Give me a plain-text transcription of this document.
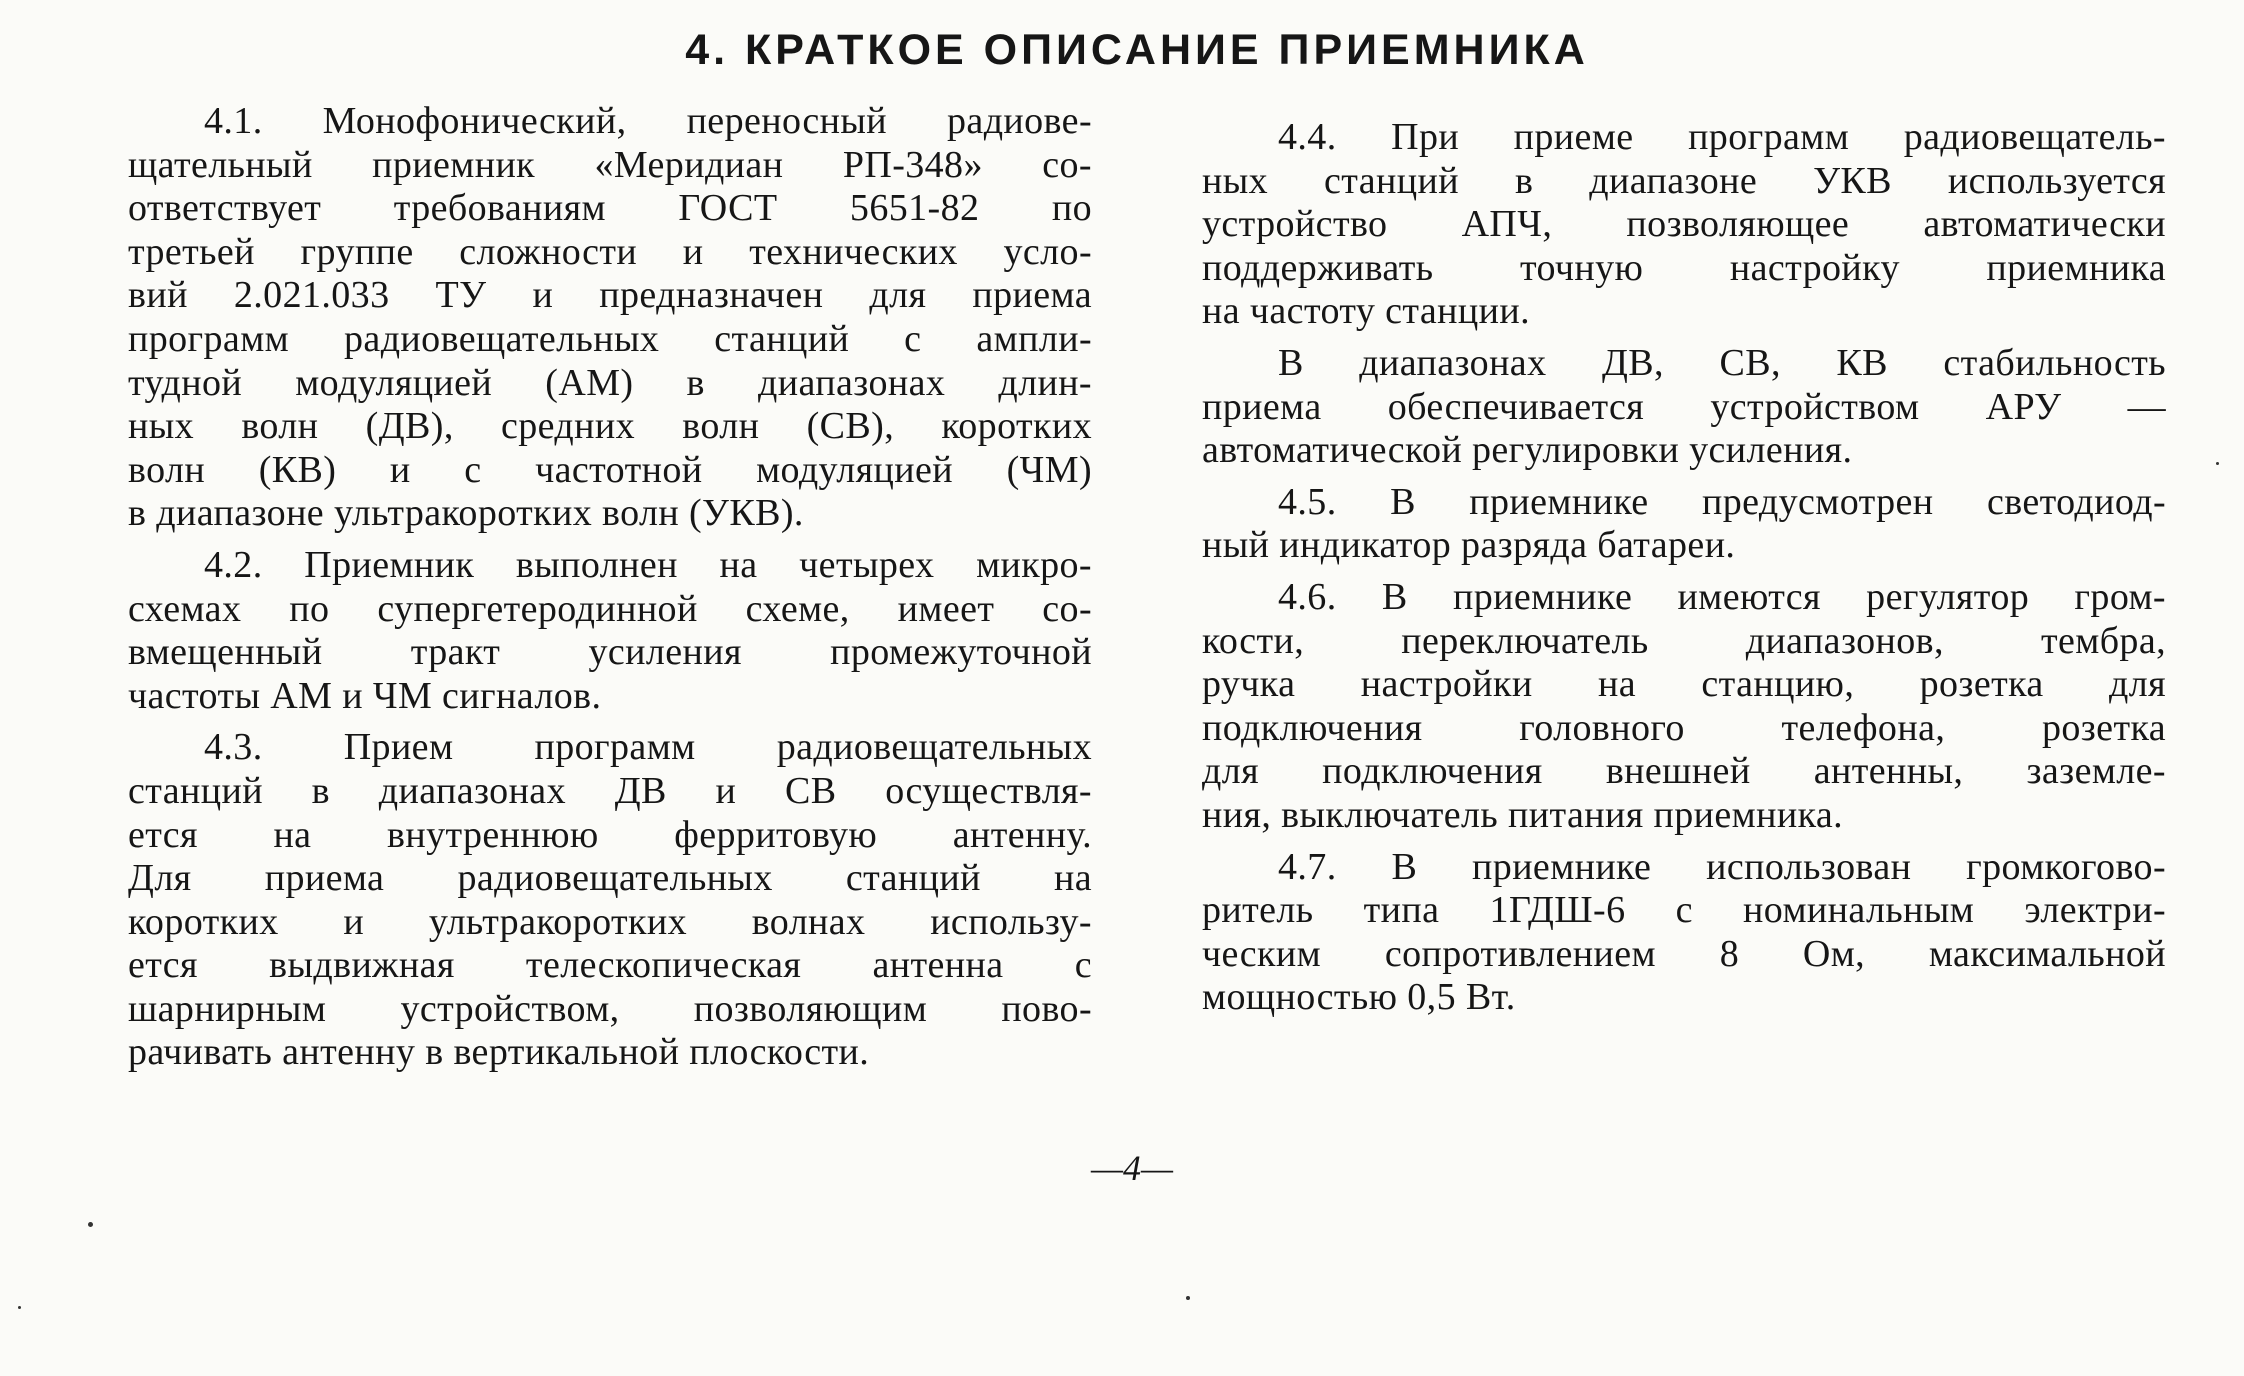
4. КРАТКОЕ ОПИСАНИЕ ПРИЕМНИКА
4.1. Монофонический, переносный радиове-
щательный приемник «Меридиан РП-348» со-
ответствует требованиям ГОСТ 5651-82 по
третьей группе сложности и технических усло-
вий 2.021.033 ТУ и предназначен для приема
программ радиовещательных станций с ампли-
тудной модуляцией (АМ) в диапазонах длин-
ных волн (ДВ), средних волн (СВ), коротких
волн (КВ) и с частотной модуляцией (ЧМ)
в диапазоне ультракоротких волн (УКВ).
4.2. Приемник выполнен на четырех микро-
схемах по супергетеродинной схеме, имеет со-
вмещенный тракт усиления промежуточной
частоты АМ и ЧМ сигналов.
4.3. Прием программ радиовещательных
станций в диапазонах ДВ и СВ осуществля-
ется на внутреннюю ферритовую антенну.
Для приема радиовещательных станций на
коротких и ультракоротких волнах использу-
ется выдвижная телескопическая антенна с
шарнирным устройством, позволяющим пово-
рачивать антенну в вертикальной плоскости.
4.4. При приеме программ радиовещатель-
ных станций в диапазоне УКВ используется
устройство АПЧ, позволяющее автоматически
поддерживать точную настройку приемника
на частоту станции.
В диапазонах ДВ, СВ, КВ стабильность
приема обеспечивается устройством АРУ —
автоматической регулировки усиления.
4.5. В приемнике предусмотрен светодиод-
ный индикатор разряда батареи.
4.6. В приемнике имеются регулятор гром-
кости, переключатель диапазонов, тембра,
ручка настройки на станцию, розетка для
подключения головного телефона, розетка
для подключения внешней антенны, заземле-
ния, выключатель питания приемника.
4.7. В приемнике использован громкогово-
ритель типа 1ГДШ-6 с номинальным электри-
ческим сопротивлением 8 Ом, максимальной
мощностью 0,5 Вт.
—4—
